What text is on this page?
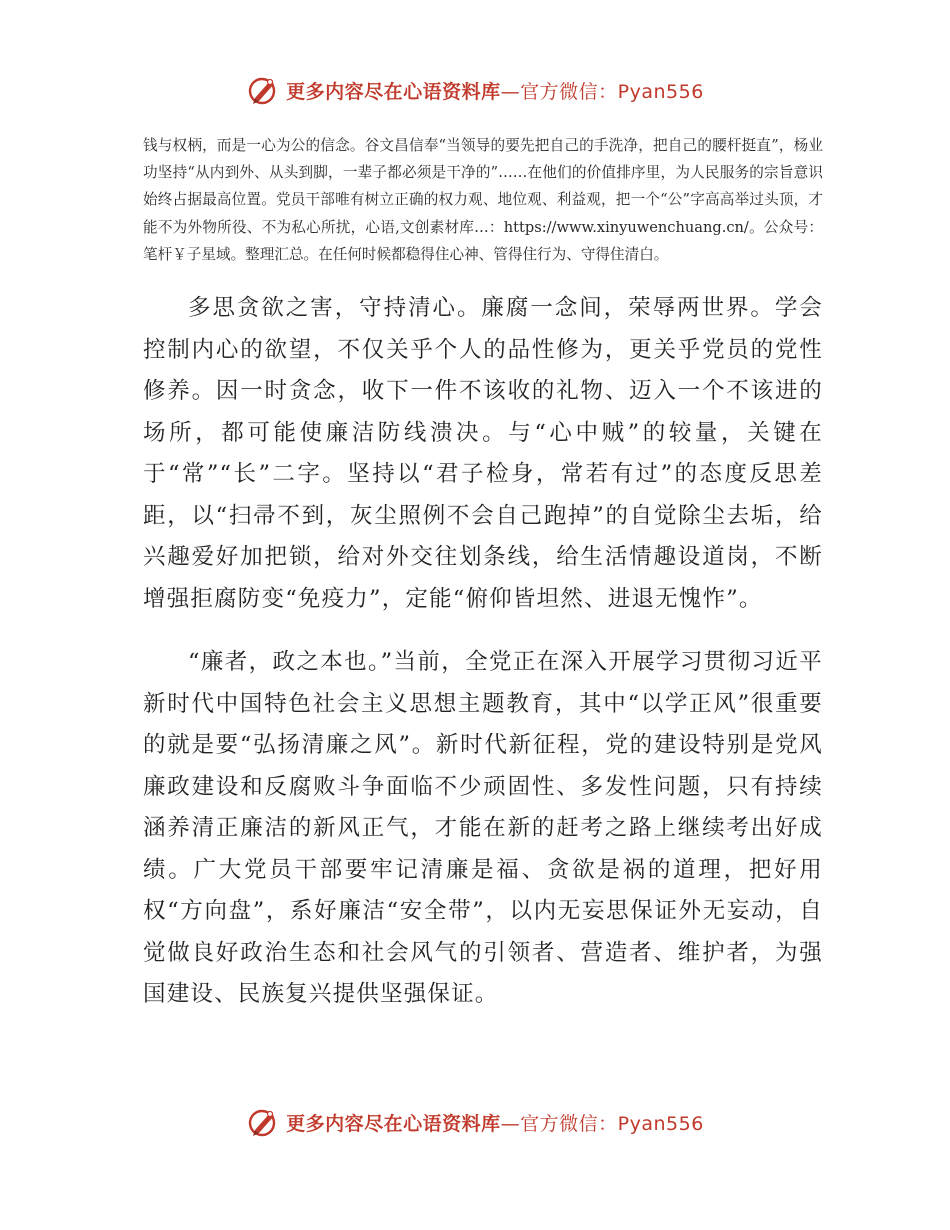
更多内容尽在心语资料库—官方微信：Pyan556

钱与权柄，而是一心为公的信念。谷文昌信奉“当领导的要先把自己的手洗净，把自己的腰杆挺直”，杨业功坚持“从内到外、从头到脚，一辈子都必须是干净的”……在他们的价值排序里，为人民服务的宗旨意识始终占据最高位置。党员干部唯有树立正确的权力观、地位观、利益观，把一个“公”字高高举过头顶，才能不为外物所役、不为私心所扰，心语,文创素材库…：https://www.xinyuwenchuang.cn/。公众号：笔杆￥子星域。整理汇总。在任何时候都稳得住心神、管得住行为、守得住清白。

多思贪欲之害，守持清心。廉腐一念间，荣辱两世界。学会控制内心的欲望，不仅关乎个人的品性修为，更关乎党员的党性修养。因一时贪念，收下一件不该收的礼物、迈入一个不该进的场所，都可能使廉洁防线溃决。与“心中贼”的较量，关键在于“常”“长”二字。坚持以“君子检身，常若有过”的态度反思差距，以“扫帚不到，灰尘照例不会自己跑掉”的自觉除尘去垢，给兴趣爱好加把锁，给对外交往划条线，给生活情趣设道岗，不断增强拒腐防变“免疫力”，定能“俯仰皆坦然、进退无愧怍”。

“廉者，政之本也。”当前，全党正在深入开展学习贯彻习近平新时代中国特色社会主义思想主题教育，其中“以学正风”很重要的就是要“弘扬清廉之风”。新时代新征程，党的建设特别是党风廉政建设和反腐败斗争面临不少顽固性、多发性问题，只有持续涵养清正廉洁的新风正气，才能在新的赶考之路上继续考出好成绩。广大党员干部要牢记清廉是福、贪欲是祸的道理，把好用权“方向盘”，系好廉洁“安全带”，以内无妄思保证外无妄动，自觉做良好政治生态和社会风气的引领者、营造者、维护者，为强国建设、民族复兴提供坚强保证。

更多内容尽在心语资料库—官方微信：Pyan556
